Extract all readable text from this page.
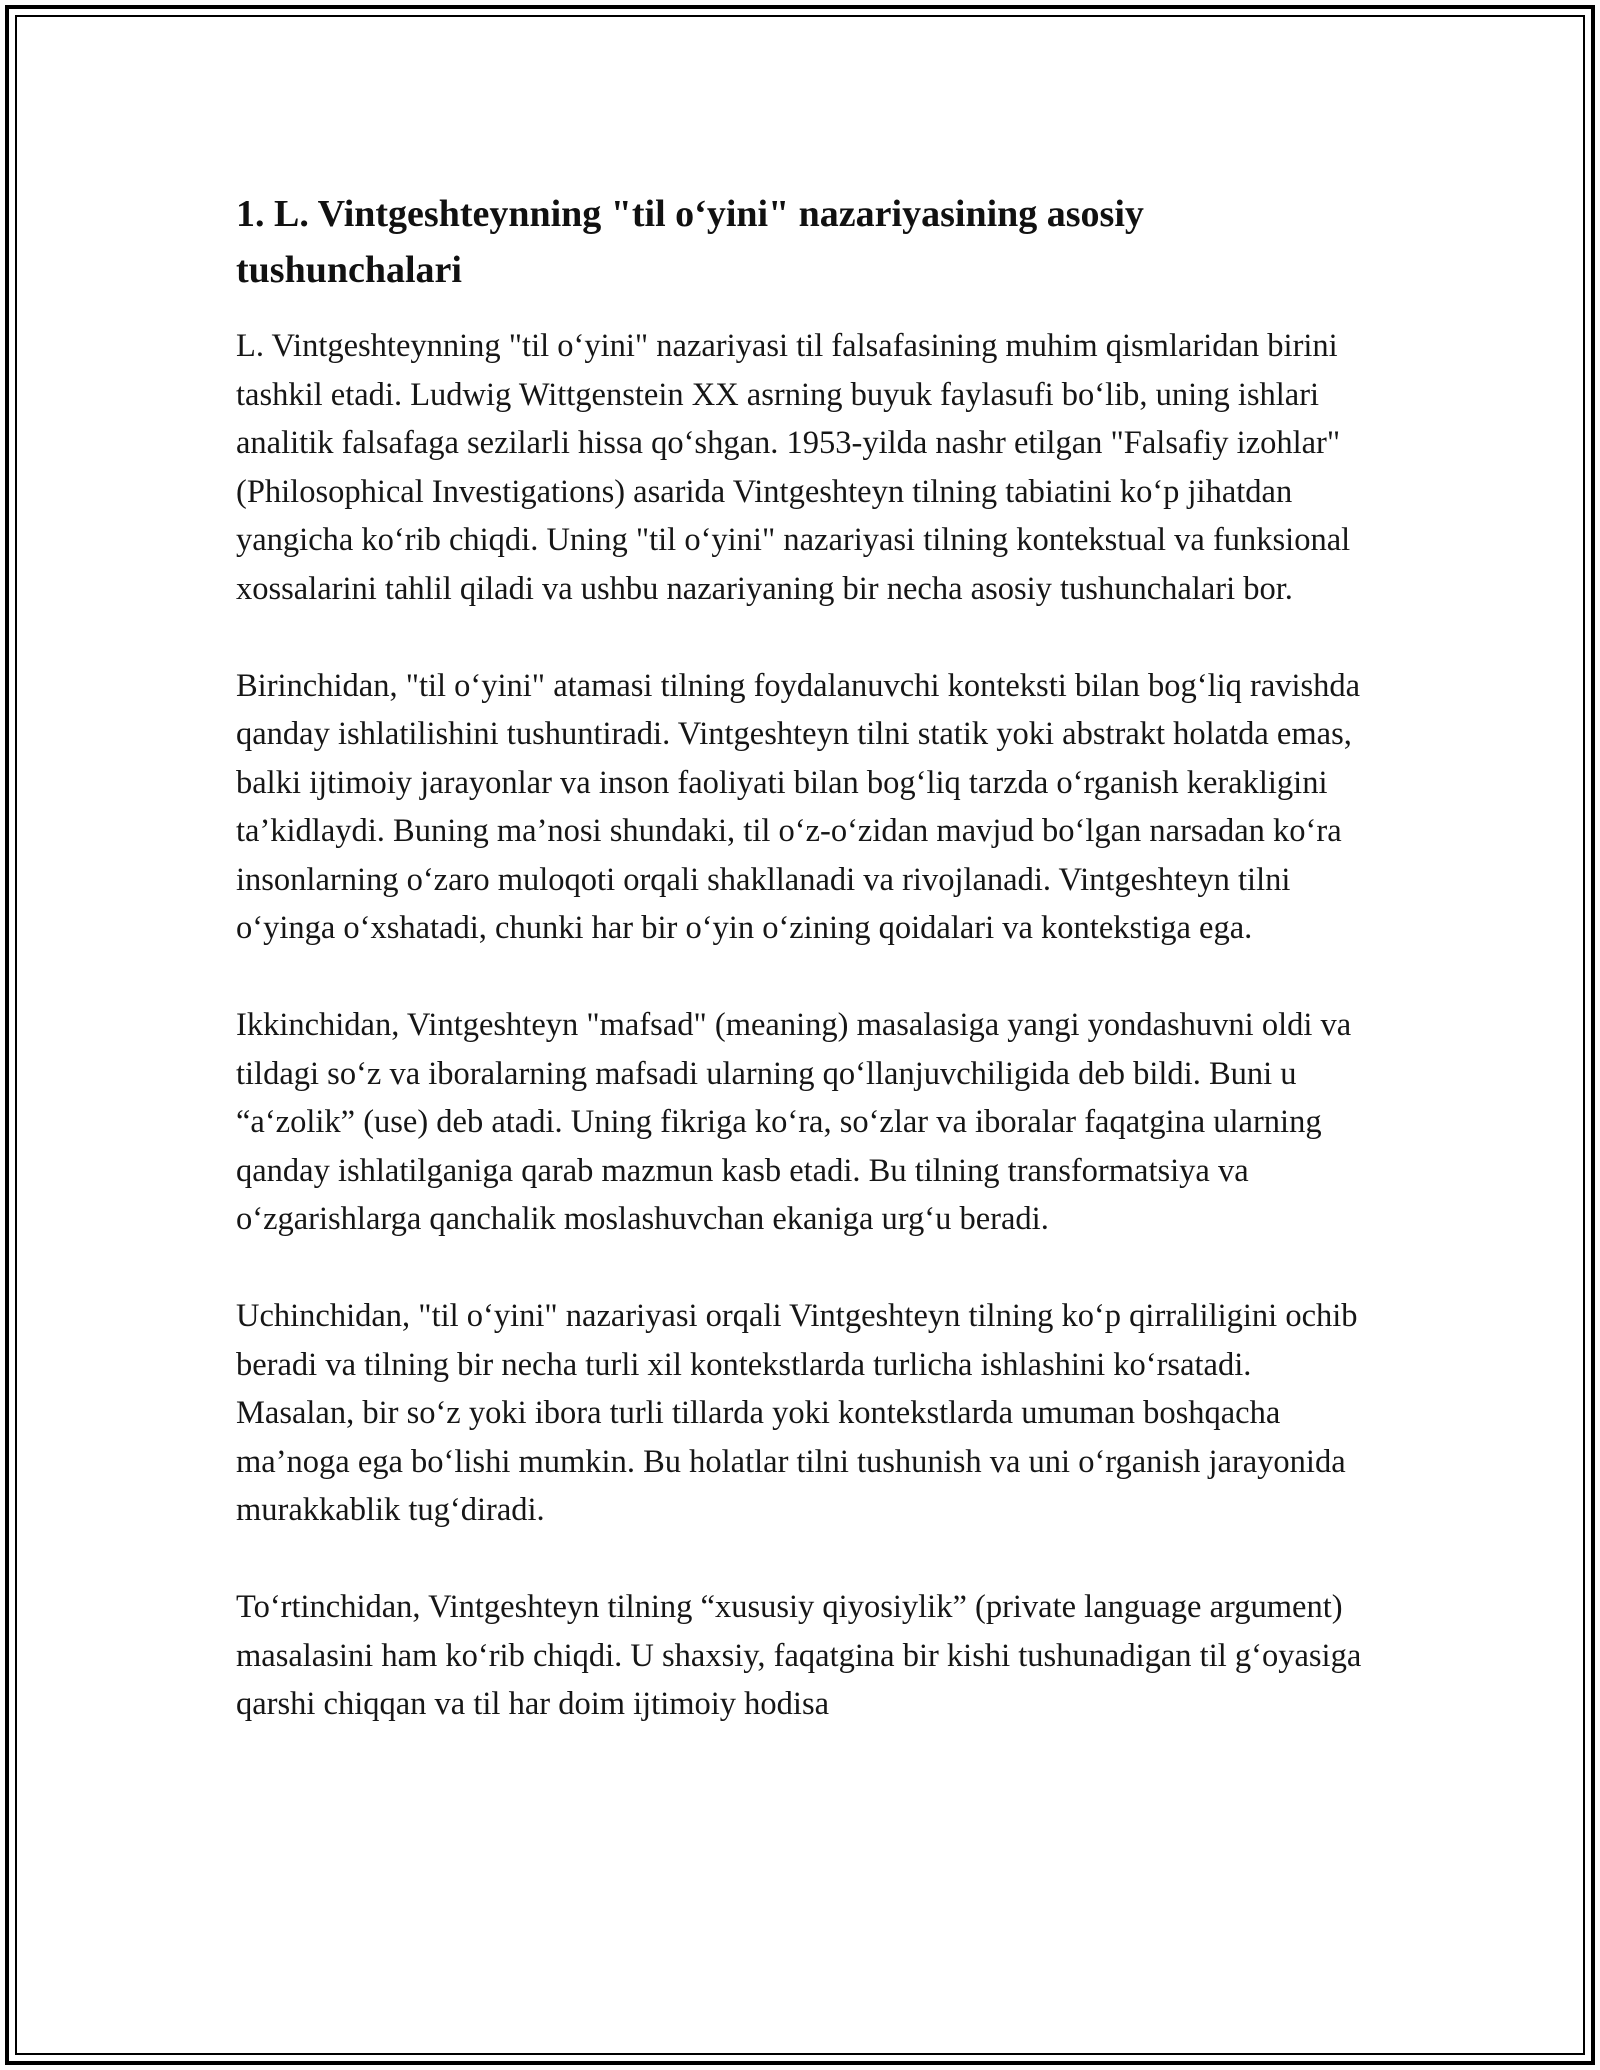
1. L. Vintgeshteynning "til o‘yini" nazariyasining asosiy tushunchalari

L. Vintgeshteynning "til o‘yini" nazariyasi til falsafasining muhim qismlaridan birini tashkil etadi. Ludwig Wittgenstein XX asrning buyuk faylasufi bo‘lib, uning ishlari analitik falsafaga sezilarli hissa qo‘shgan. 1953-yilda nashr etilgan "Falsafiy izohlar" (Philosophical Investigations) asarida Vintgeshteyn tilning tabiatini ko‘p jihatdan yangicha ko‘rib chiqdi. Uning "til o‘yini" nazariyasi tilning kontekstual va funksional xossalarini tahlil qiladi va ushbu nazariyaning bir necha asosiy tushunchalari bor.

Birinchidan, "til o‘yini" atamasi tilning foydalanuvchi konteksti bilan bog‘liq ravishda qanday ishlatilishini tushuntiradi. Vintgeshteyn tilni statik yoki abstrakt holatda emas, balki ijtimoiy jarayonlar va inson faoliyati bilan bog‘liq tarzda o‘rganish kerakligini ta’kidlaydi. Buning ma’nosi shundaki, til o‘z-o‘zidan mavjud bo‘lgan narsadan ko‘ra insonlarning o‘zaro muloqoti orqali shakllanadi va rivojlanadi. Vintgeshteyn tilni o‘yinga o‘xshatadi, chunki har bir o‘yin o‘zining qoidalari va kontekstiga ega.

Ikkinchidan, Vintgeshteyn "mafsad" (meaning) masalasiga yangi yondashuvni oldi va tildagi so‘z va iboralarning mafsadi ularning qo‘llanjuvchiligida deb bildi. Buni u “a‘zolik” (use) deb atadi. Uning fikriga ko‘ra, so‘zlar va iboralar faqatgina ularning qanday ishlatilganiga qarab mazmun kasb etadi. Bu tilning transformatsiya va o‘zgarishlarga qanchalik moslashuvchan ekaniga urg‘u beradi.

Uchinchidan, "til o‘yini" nazariyasi orqali Vintgeshteyn tilning ko‘p qirraliligini ochib beradi va tilning bir necha turli xil kontekstlarda turlicha ishlashini ko‘rsatadi. Masalan, bir so‘z yoki ibora turli tillarda yoki kontekstlarda umuman boshqacha ma’noga ega bo‘lishi mumkin. Bu holatlar tilni tushunish va uni o‘rganish jarayonida murakkablik tug‘diradi.

To‘rtinchidan, Vintgeshteyn tilning “xususiy qiyosiylik” (private language argument) masalasini ham ko‘rib chiqdi. U shaxsiy, faqatgina bir kishi tushunadigan til g‘oyasiga qarshi chiqqan va til har doim ijtimoiy hodisa
